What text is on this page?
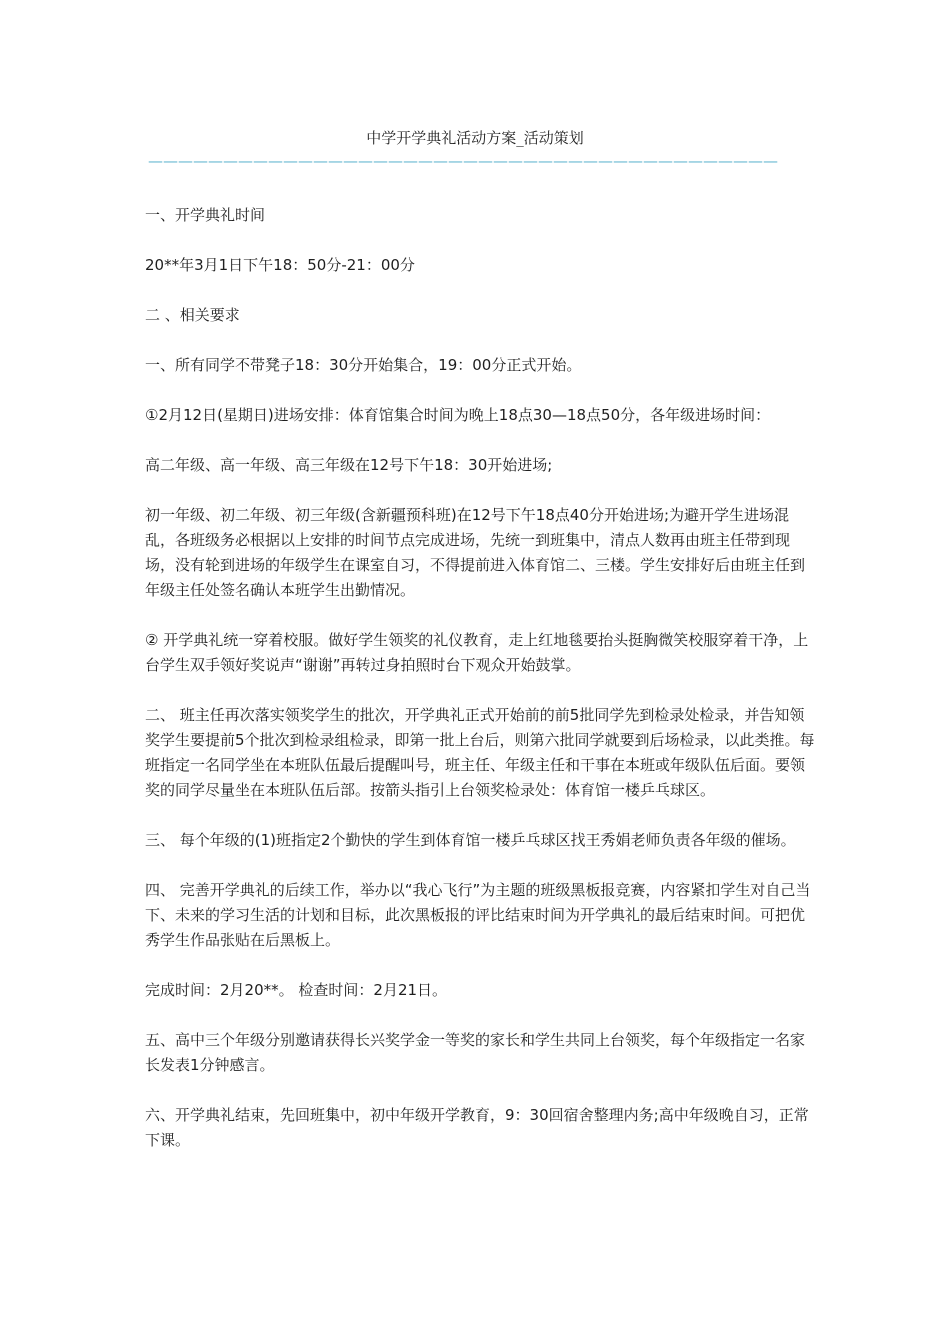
中学开学典礼活动方案_活动策划
——————————————————————————————————————————

一、开学典礼时间

20**年3月1日下午18：50分-21：00分

二 、相关要求

一、所有同学不带凳子18：30分开始集合，19：00分正式开始。

①2月12日(星期日)进场安排：体育馆集合时间为晚上18点30—18点50分，各年级进场时间：

高二年级、高一年级、高三年级在12号下午18：30开始进场;

初一年级、初二年级、初三年级(含新疆预科班)在12号下午18点40分开始进场;为避开学生进场混乱，各班级务必根据以上安排的时间节点完成进场，先统一到班集中，清点人数再由班主任带到现场，没有轮到进场的年级学生在课室自习，不得提前进入体育馆二、三楼。学生安排好后由班主任到年级主任处签名确认本班学生出勤情况。

② 开学典礼统一穿着校服。做好学生领奖的礼仪教育，走上红地毯要抬头挺胸微笑校服穿着干净，上台学生双手领好奖说声“谢谢”再转过身拍照时台下观众开始鼓掌。

二、 班主任再次落实领奖学生的批次，开学典礼正式开始前的前5批同学先到检录处检录，并告知领奖学生要提前5个批次到检录组检录，即第一批上台后，则第六批同学就要到后场检录，以此类推。每班指定一名同学坐在本班队伍最后提醒叫号，班主任、年级主任和干事在本班或年级队伍后面。要领奖的同学尽量坐在本班队伍后部。按箭头指引上台领奖检录处：体育馆一楼乒乓球区。

三、 每个年级的(1)班指定2个勤快的学生到体育馆一楼乒乓球区找王秀娟老师负责各年级的催场。

四、 完善开学典礼的后续工作，举办以“我心飞行”为主题的班级黑板报竞赛，内容紧扣学生对自己当下、未来的学习生活的计划和目标，此次黑板报的评比结束时间为开学典礼的最后结束时间。可把优秀学生作品张贴在后黑板上。

完成时间：2月20**。 检查时间：2月21日。

五、高中三个年级分别邀请获得长兴奖学金一等奖的家长和学生共同上台领奖，每个年级指定一名家长发表1分钟感言。

六、开学典礼结束，先回班集中，初中年级开学教育，9：30回宿舍整理内务;高中年级晚自习，正常下课。
